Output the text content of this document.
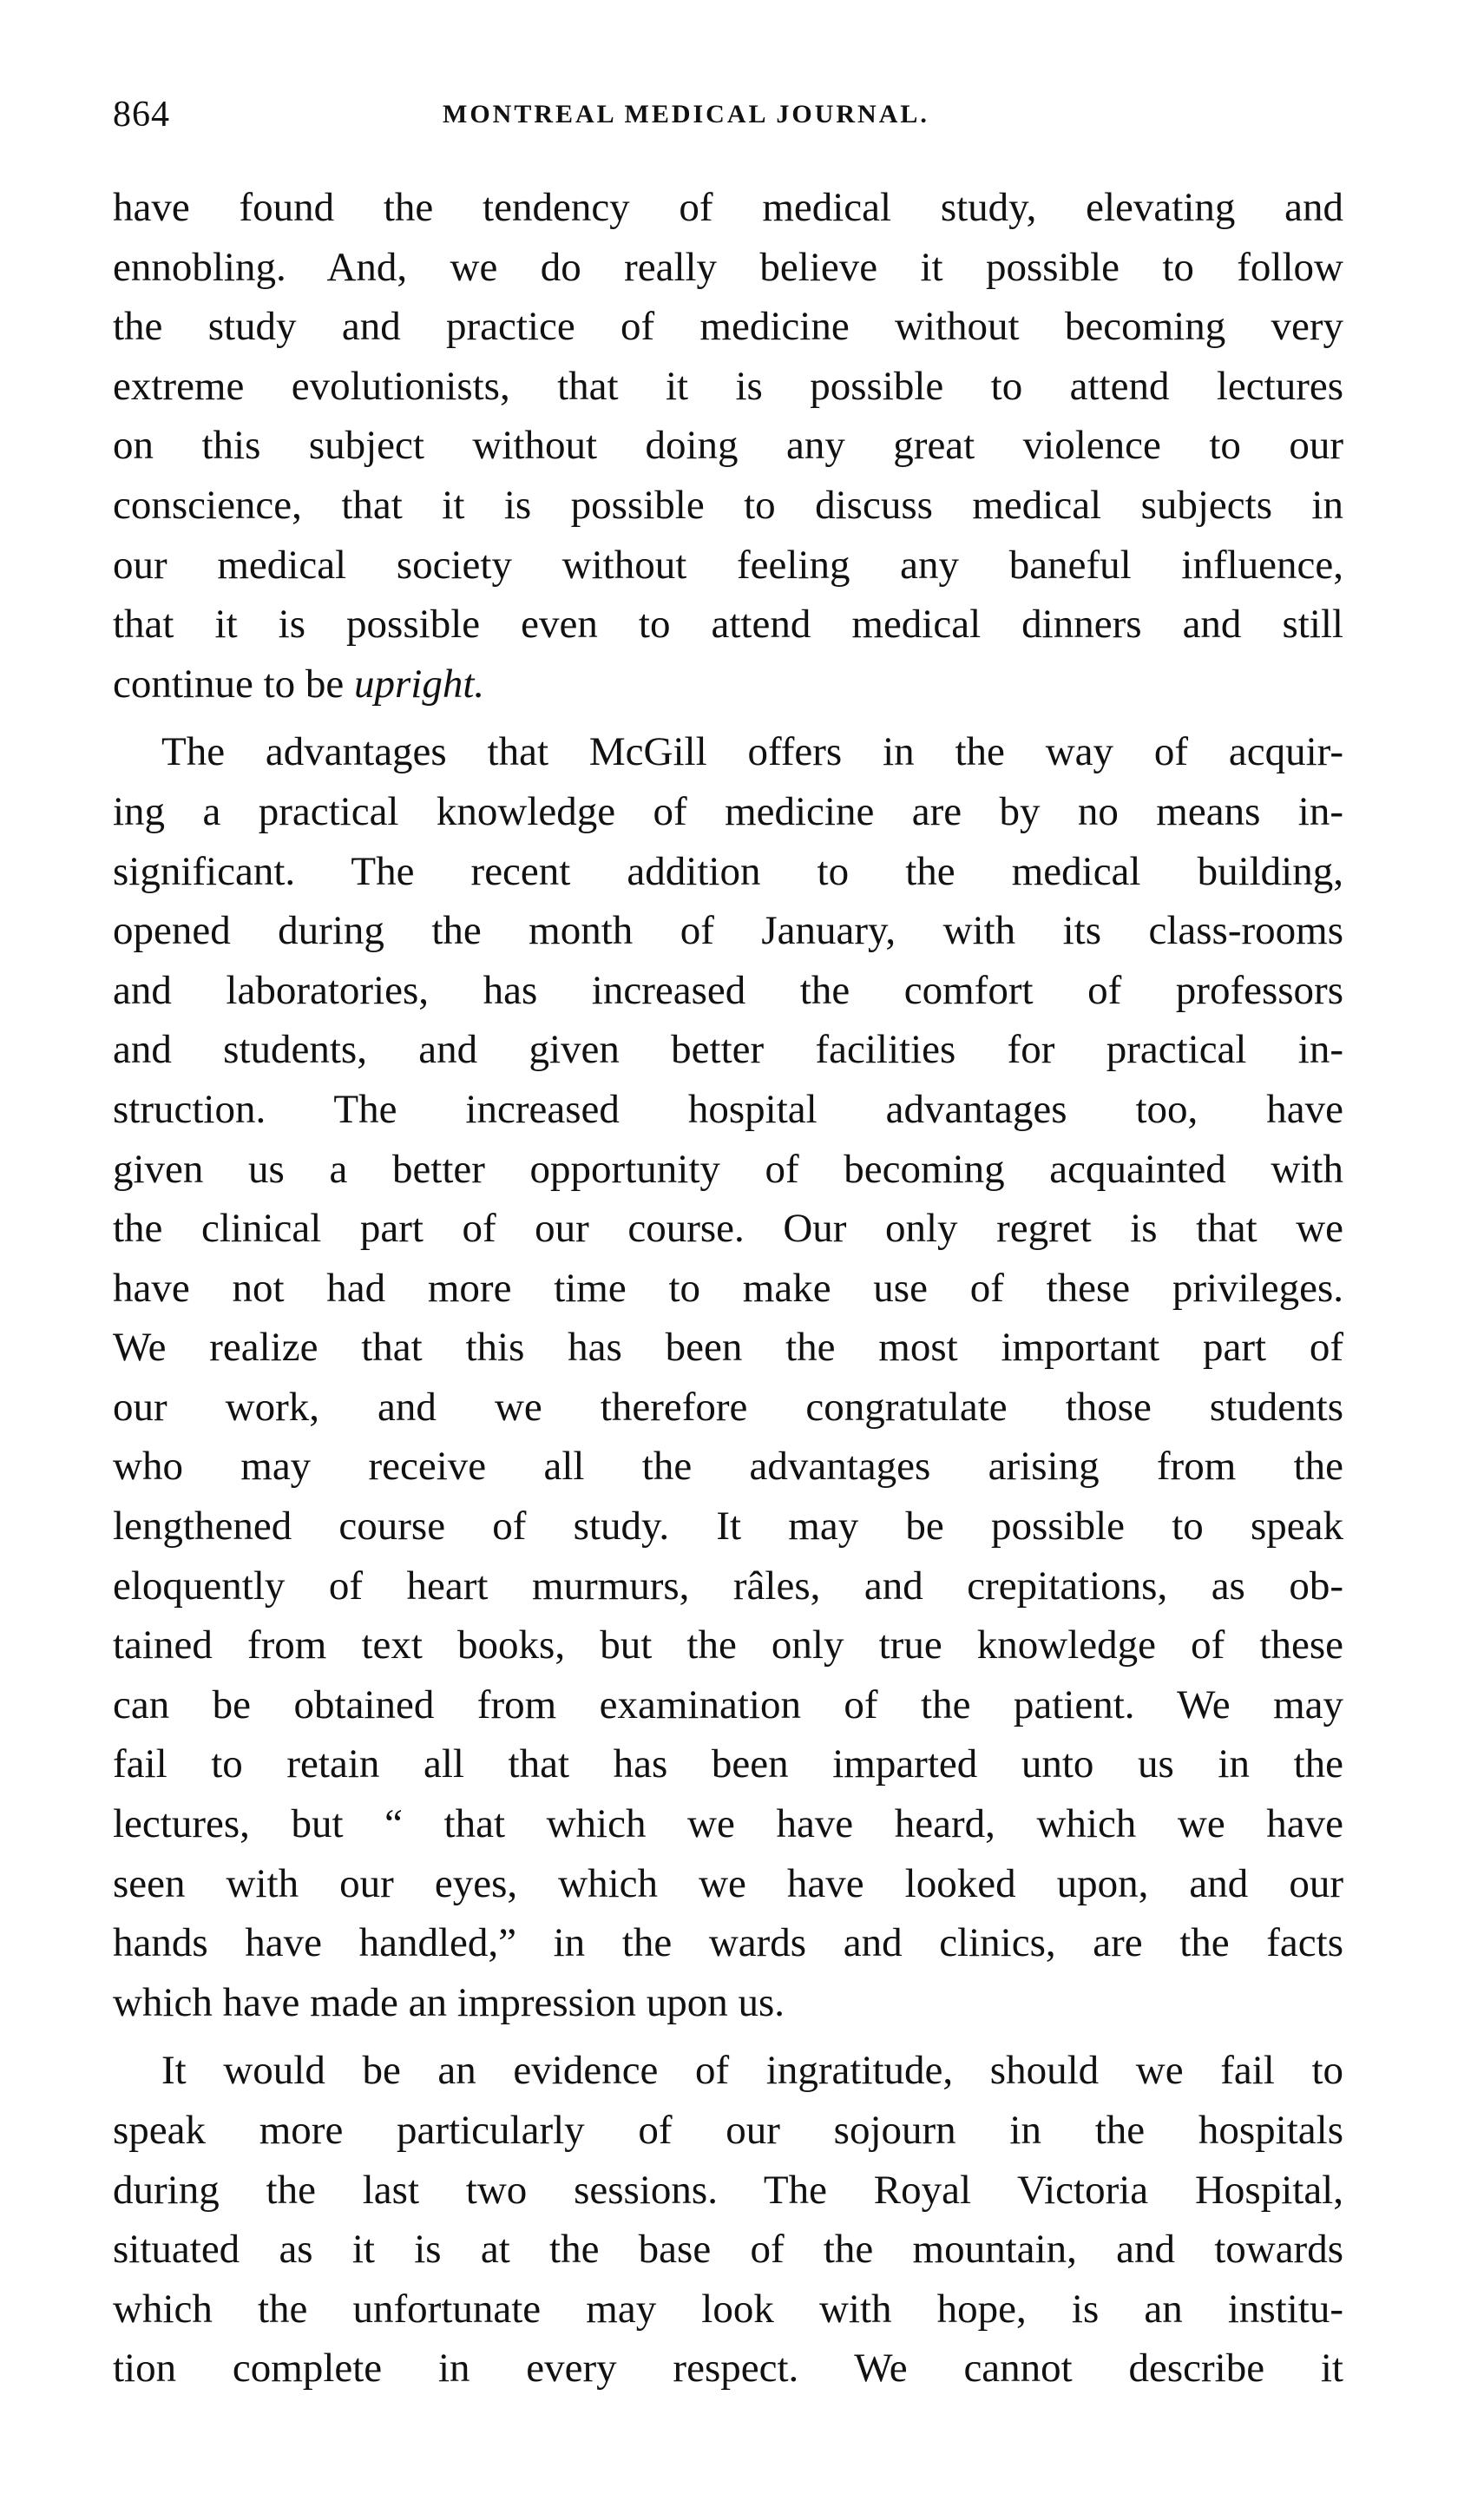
864	MONTREAL MEDICAL JOURNAL.
have found the tendency of medical study, elevating and
ennobling. And, we do really believe it possible to follow
the study and practice of medicine without becoming very
extreme evolutionists, that it is possible to attend lectures
on this subject without doing any great violence to our
conscience, that it is possible to discuss medical subjects in
our medical society without feeling any baneful influence,
that it is possible even to attend medical dinners and still
continue to be upright.
The advantages that McGill offers in the way of acquir-
ing a practical knowledge of medicine are by no means in-
significant. The recent addition to the medical building,
opened during the month of January, with its class-rooms
and laboratories, has increased the comfort of professors
and students, and given better facilities for practical in-
struction. The increased hospital advantages too, have
given us a better opportunity of becoming acquainted with
the clinical part of our course. Our only regret is that we
have not had more time to make use of these privileges.
We realize that this has been the most important part of
our work, and we therefore congratulate those students
who may receive all the advantages arising from the
lengthened course of study. It may be possible to speak
eloquently of heart murmurs, râles, and crepitations, as ob-
tained from text books, but the only true knowledge of these
can be obtained from examination of the patient. We may
fail to retain all that has been imparted unto us in the
lectures, but “ that which we have heard, which we have
seen with our eyes, which we have looked upon, and our
hands have handled,” in the wards and clinics, are the facts
which have made an impression upon us.
It would be an evidence of ingratitude, should we fail to
speak more particularly of our sojourn in the hospitals
during the last two sessions. The Royal Victoria Hospital,
situated as it is at the base of the mountain, and towards
which the unfortunate may look with hope, is an institu-
tion complete in every respect. We cannot describe it
